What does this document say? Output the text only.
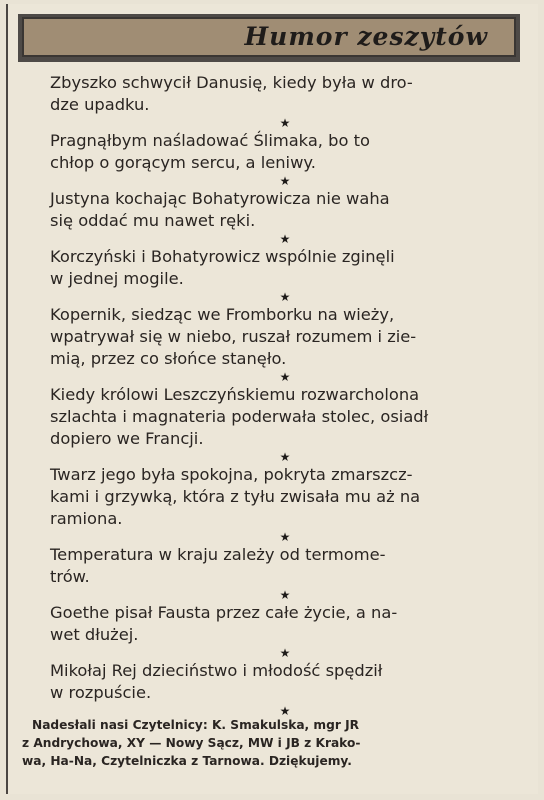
Humor zeszytów
Zbyszko schwycił Danusię, kiedy była w dro-
dze upadku.
★
Pragnąłbym naśladować Ślimaka, bo to
chłop o gorącym sercu, a leniwy.
★
Justyna kochając Bohatyrowicza nie waha
się oddać mu nawet ręki.
★
Korczyński i Bohatyrowicz wspólnie zginęli
w jednej mogile.
★
Kopernik, siedząc we Fromborku na wieży,
wpatrywał się w niebo, ruszał rozumem i zie-
mią, przez co słońce stanęło.
★
Kiedy królowi Leszczyńskiemu rozwarcholona
szlachta i magnateria poderwała stolec, osiadł
dopiero we Francji.
★
Twarz jego była spokojna, pokryta zmarszcz-
kami i grzywką, która z tyłu zwisała mu aż na
ramiona.
★
Temperatura w kraju zależy od termome-
trów.
★
Goethe pisał Fausta przez całe życie, a na-
wet dłużej.
★
Mikołaj Rej dzieciństwo i młodość spędził
w rozpuście.
★
Nadesłali nasi Czytelnicy: K. Smakulska, mgr JR
z Andrychowa, XY — Nowy Sącz, MW i JB z Krako-
wa, Ha-Na, Czytelniczka z Tarnowa. Dziękujemy.
